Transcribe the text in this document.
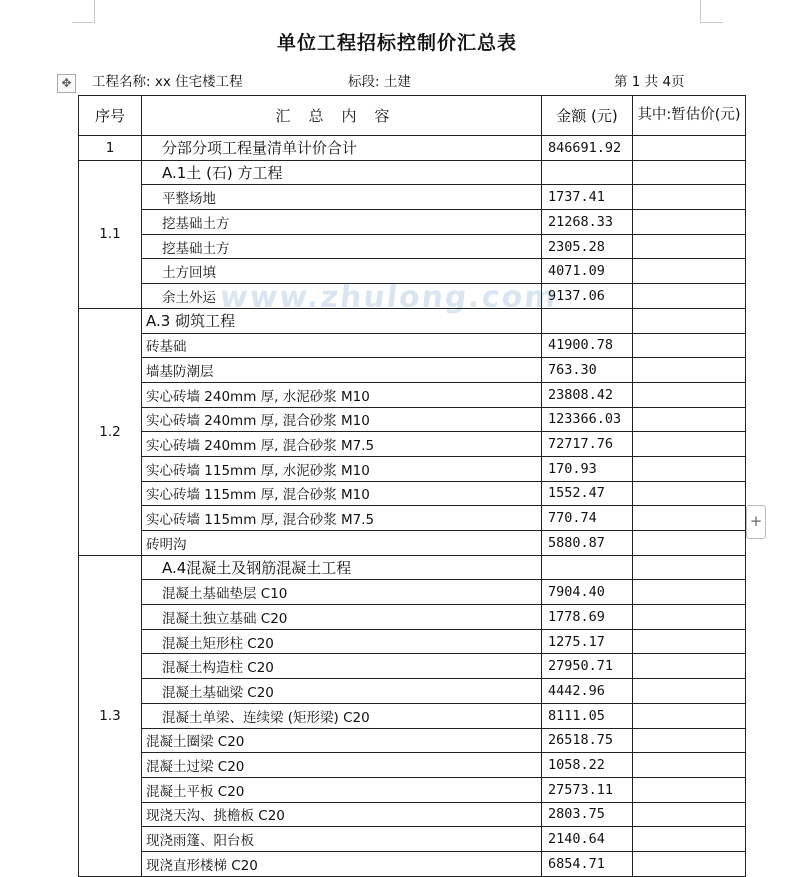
单位工程招标控制价汇总表
✥	工程名称: xx 住宅楼工程	标段: 土建	第 1 共 4页
www.zhulong.com
序号	汇总内容	金额 (元)	其中:暂估价(元)
1	分部分项工程量清单计价合计	846691.92	
1.1	A.1土 (石) 方工程		
	平整场地	1737.41	
	挖基础土方	21268.33	
	挖基础土方	2305.28	
	土方回填	4071.09	
	余土外运	9137.06	
1.2	A.3 砌筑工程		
	砖基础	41900.78	
	墙基防潮层	763.30	
	实心砖墙 240mm 厚, 水泥砂浆 M10	23808.42	
	实心砖墙 240mm 厚, 混合砂浆 M10	123366.03	
	实心砖墙 240mm 厚, 混合砂浆 M7.5	72717.76	
	实心砖墙 115mm 厚, 水泥砂浆 M10	170.93	
	实心砖墙 115mm 厚, 混合砂浆 M10	1552.47	
	实心砖墙 115mm 厚, 混合砂浆 M7.5	770.74	
	砖明沟	5880.87	
1.3	A.4混凝土及钢筋混凝土工程		
	混凝土基础垫层 C10	7904.40	
	混凝土独立基础 C20	1778.69	
	混凝土矩形柱 C20	1275.17	
	混凝土构造柱 C20	27950.71	
	混凝土基础梁 C20	4442.96	
	混凝土单梁、连续梁 (矩形梁) C20	8111.05	
	混凝土圈梁 C20	26518.75	
	混凝土过梁 C20	1058.22	
	混凝土平板 C20	27573.11	
	现浇天沟、挑檐板 C20	2803.75	
	现浇雨篷、阳台板	2140.64	
	现浇直形楼梯 C20	6854.71	
+
